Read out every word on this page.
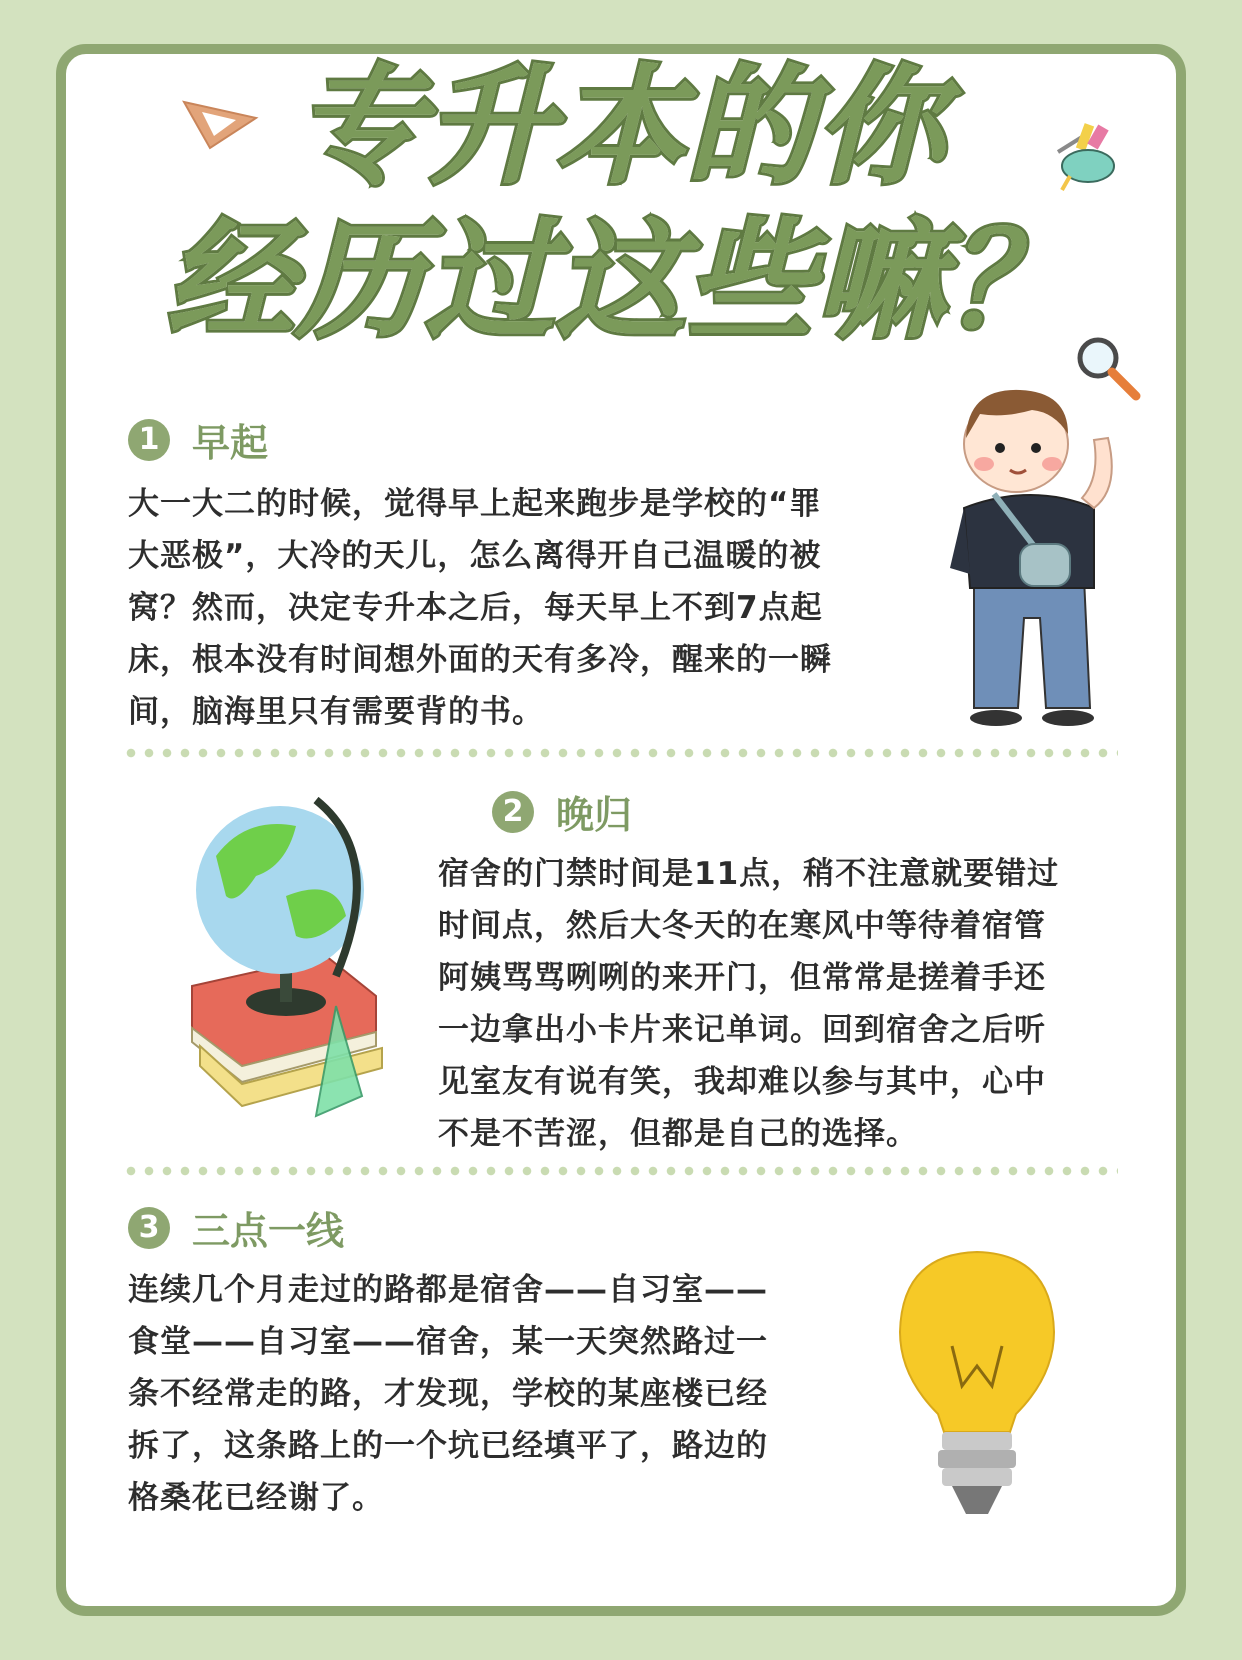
专升本的你
经历过这些嘛？
1 早起
大一大二的时候，觉得早上起来跑步是学校的“罪
大恶极”，大冷的天儿，怎么离得开自己温暖的被
窝？然而，决定专升本之后，每天早上不到7点起
床，根本没有时间想外面的天有多冷，醒来的一瞬
间，脑海里只有需要背的书。
2 晚归
宿舍的门禁时间是11点，稍不注意就要错过
时间点，然后大冬天的在寒风中等待着宿管
阿姨骂骂咧咧的来开门，但常常是搓着手还
一边拿出小卡片来记单词。回到宿舍之后听
见室友有说有笑，我却难以参与其中，心中
不是不苦涩，但都是自己的选择。
3 三点一线
连续几个月走过的路都是宿舍——自习室——
食堂——自习室——宿舍，某一天突然路过一
条不经常走的路，才发现，学校的某座楼已经
拆了，这条路上的一个坑已经填平了，路边的
格桑花已经谢了。
